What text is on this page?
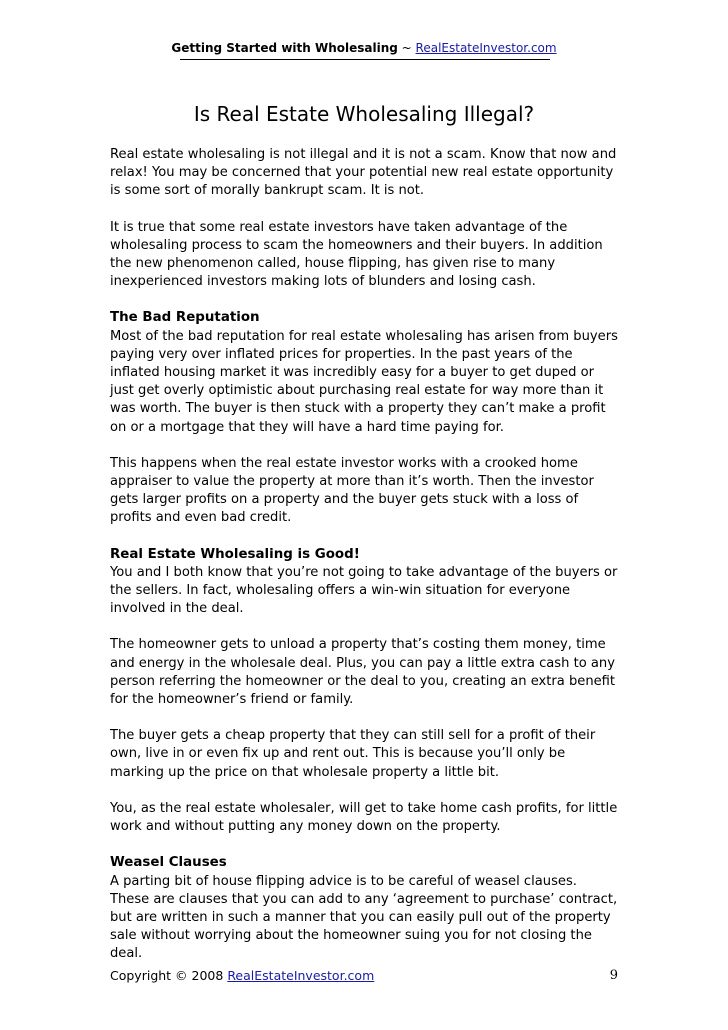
Getting Started with Wholesaling ~ RealEstateInvestor.com
Is Real Estate Wholesaling Illegal?

Real estate wholesaling is not illegal and it is not a scam. Know that now and relax! You may be concerned that your potential new real estate opportunity is some sort of morally bankrupt scam. It is not.

It is true that some real estate investors have taken advantage of the wholesaling process to scam the homeowners and their buyers. In addition the new phenomenon called, house flipping, has given rise to many inexperienced investors making lots of blunders and losing cash.

The Bad Reputation

Most of the bad reputation for real estate wholesaling has arisen from buyers paying very over inflated prices for properties. In the past years of the inflated housing market it was incredibly easy for a buyer to get duped or just get overly optimistic about purchasing real estate for way more than it was worth. The buyer is then stuck with a property they can’t make a profit on or a mortgage that they will have a hard time paying for.

This happens when the real estate investor works with a crooked home appraiser to value the property at more than it’s worth. Then the investor gets larger profits on a property and the buyer gets stuck with a loss of profits and even bad credit.

Real Estate Wholesaling is Good!

You and I both know that you’re not going to take advantage of the buyers or the sellers. In fact, wholesaling offers a win-win situation for everyone involved in the deal.

The homeowner gets to unload a property that’s costing them money, time and energy in the wholesale deal. Plus, you can pay a little extra cash to any person referring the homeowner or the deal to you, creating an extra benefit for the homeowner’s friend or family.

The buyer gets a cheap property that they can still sell for a profit of their own, live in or even fix up and rent out. This is because you’ll only be marking up the price on that wholesale property a little bit.

You, as the real estate wholesaler, will get to take home cash profits, for little work and without putting any money down on the property.

Weasel Clauses

A parting bit of house flipping advice is to be careful of weasel clauses. These are clauses that you can add to any ‘agreement to purchase’ contract, but are written in such a manner that you can easily pull out of the property sale without worrying about the homeowner suing you for not closing the deal.

Copyright © 2008 RealEstateInvestor.com	9
